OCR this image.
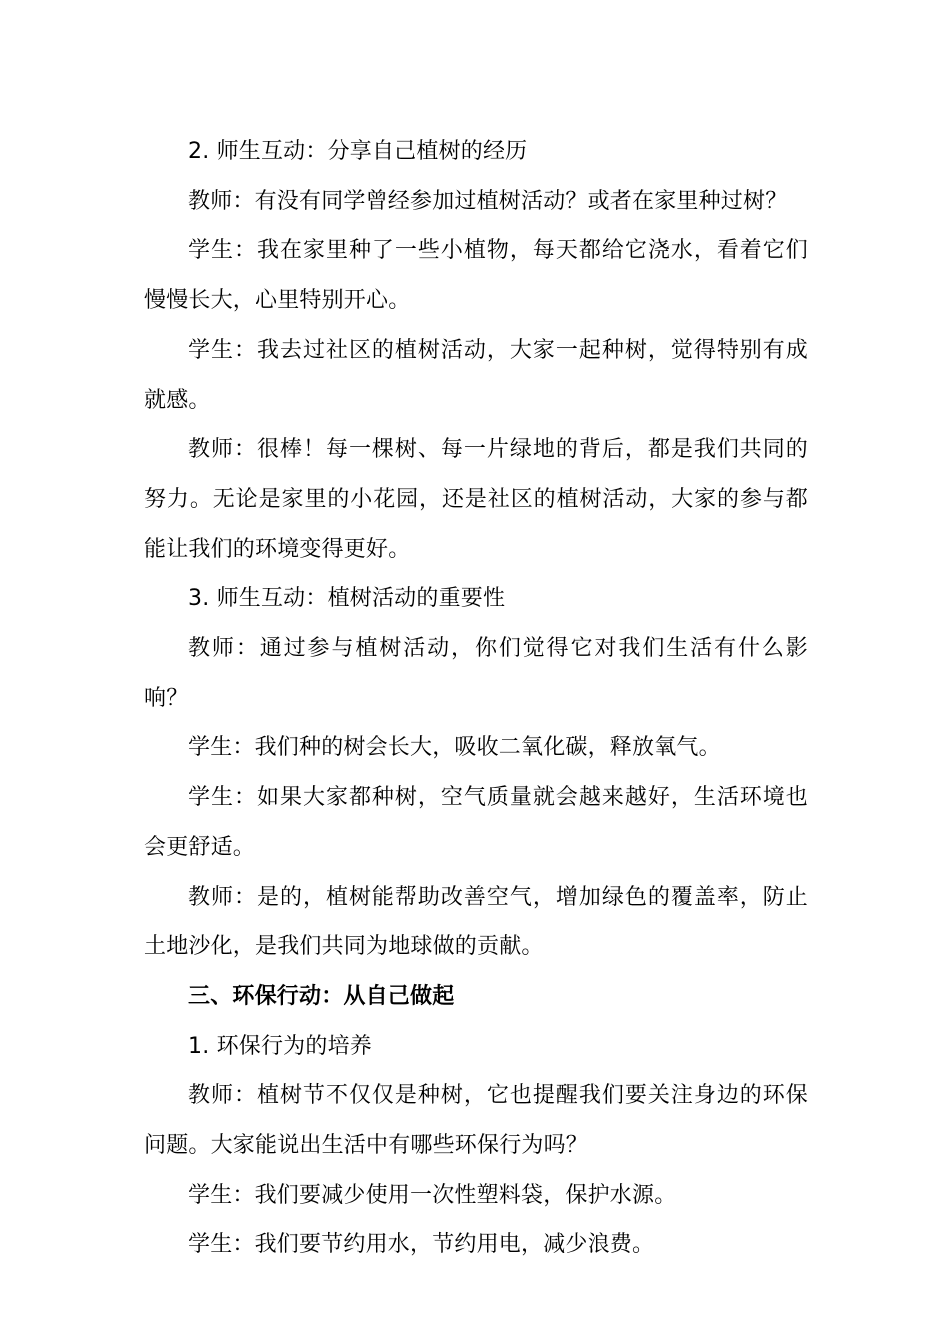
2. 师生互动：分享自己植树的经历

教师：有没有同学曾经参加过植树活动？或者在家里种过树？

学生：我在家里种了一些小植物，每天都给它浇水，看着它们慢慢长大，心里特别开心。

学生：我去过社区的植树活动，大家一起种树，觉得特别有成就感。

教师：很棒！每一棵树、每一片绿地的背后，都是我们共同的努力。无论是家里的小花园，还是社区的植树活动，大家的参与都能让我们的环境变得更好。

3. 师生互动：植树活动的重要性

教师：通过参与植树活动，你们觉得它对我们生活有什么影响？

学生：我们种的树会长大，吸收二氧化碳，释放氧气。

学生：如果大家都种树，空气质量就会越来越好，生活环境也会更舒适。

教师：是的，植树能帮助改善空气，增加绿色的覆盖率，防止土地沙化，是我们共同为地球做的贡献。

三、环保行动：从自己做起

1. 环保行为的培养

教师：植树节不仅仅是种树，它也提醒我们要关注身边的环保问题。大家能说出生活中有哪些环保行为吗？

学生：我们要减少使用一次性塑料袋，保护水源。

学生：我们要节约用水，节约用电，减少浪费。
